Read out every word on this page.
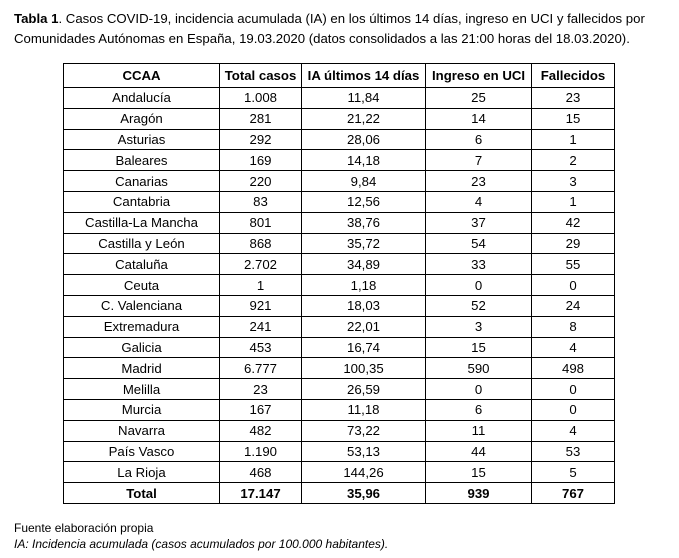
Tabla 1. Casos COVID-19, incidencia acumulada (IA) en los últimos 14 días, ingreso en UCI y fallecidos por Comunidades Autónomas en España, 19.03.2020 (datos consolidados a las 21:00 horas del 18.03.2020).
CCAA	Total casos	IA últimos 14 días	Ingreso en UCI	Fallecidos
Andalucía	1.008	11,84	25	23
Aragón	281	21,22	14	15
Asturias	292	28,06	6	1
Baleares	169	14,18	7	2
Canarias	220	9,84	23	3
Cantabria	83	12,56	4	1
Castilla-La Mancha	801	38,76	37	42
Castilla y León	868	35,72	54	29
Cataluña	2.702	34,89	33	55
Ceuta	1	1,18	0	0
C. Valenciana	921	18,03	52	24
Extremadura	241	22,01	3	8
Galicia	453	16,74	15	4
Madrid	6.777	100,35	590	498
Melilla	23	26,59	0	0
Murcia	167	11,18	6	0
Navarra	482	73,22	11	4
País Vasco	1.190	53,13	44	53
La Rioja	468	144,26	15	5
Total	17.147	35,96	939	767
Fuente elaboración propia
IA: Incidencia acumulada (casos acumulados por 100.000 habitantes).
